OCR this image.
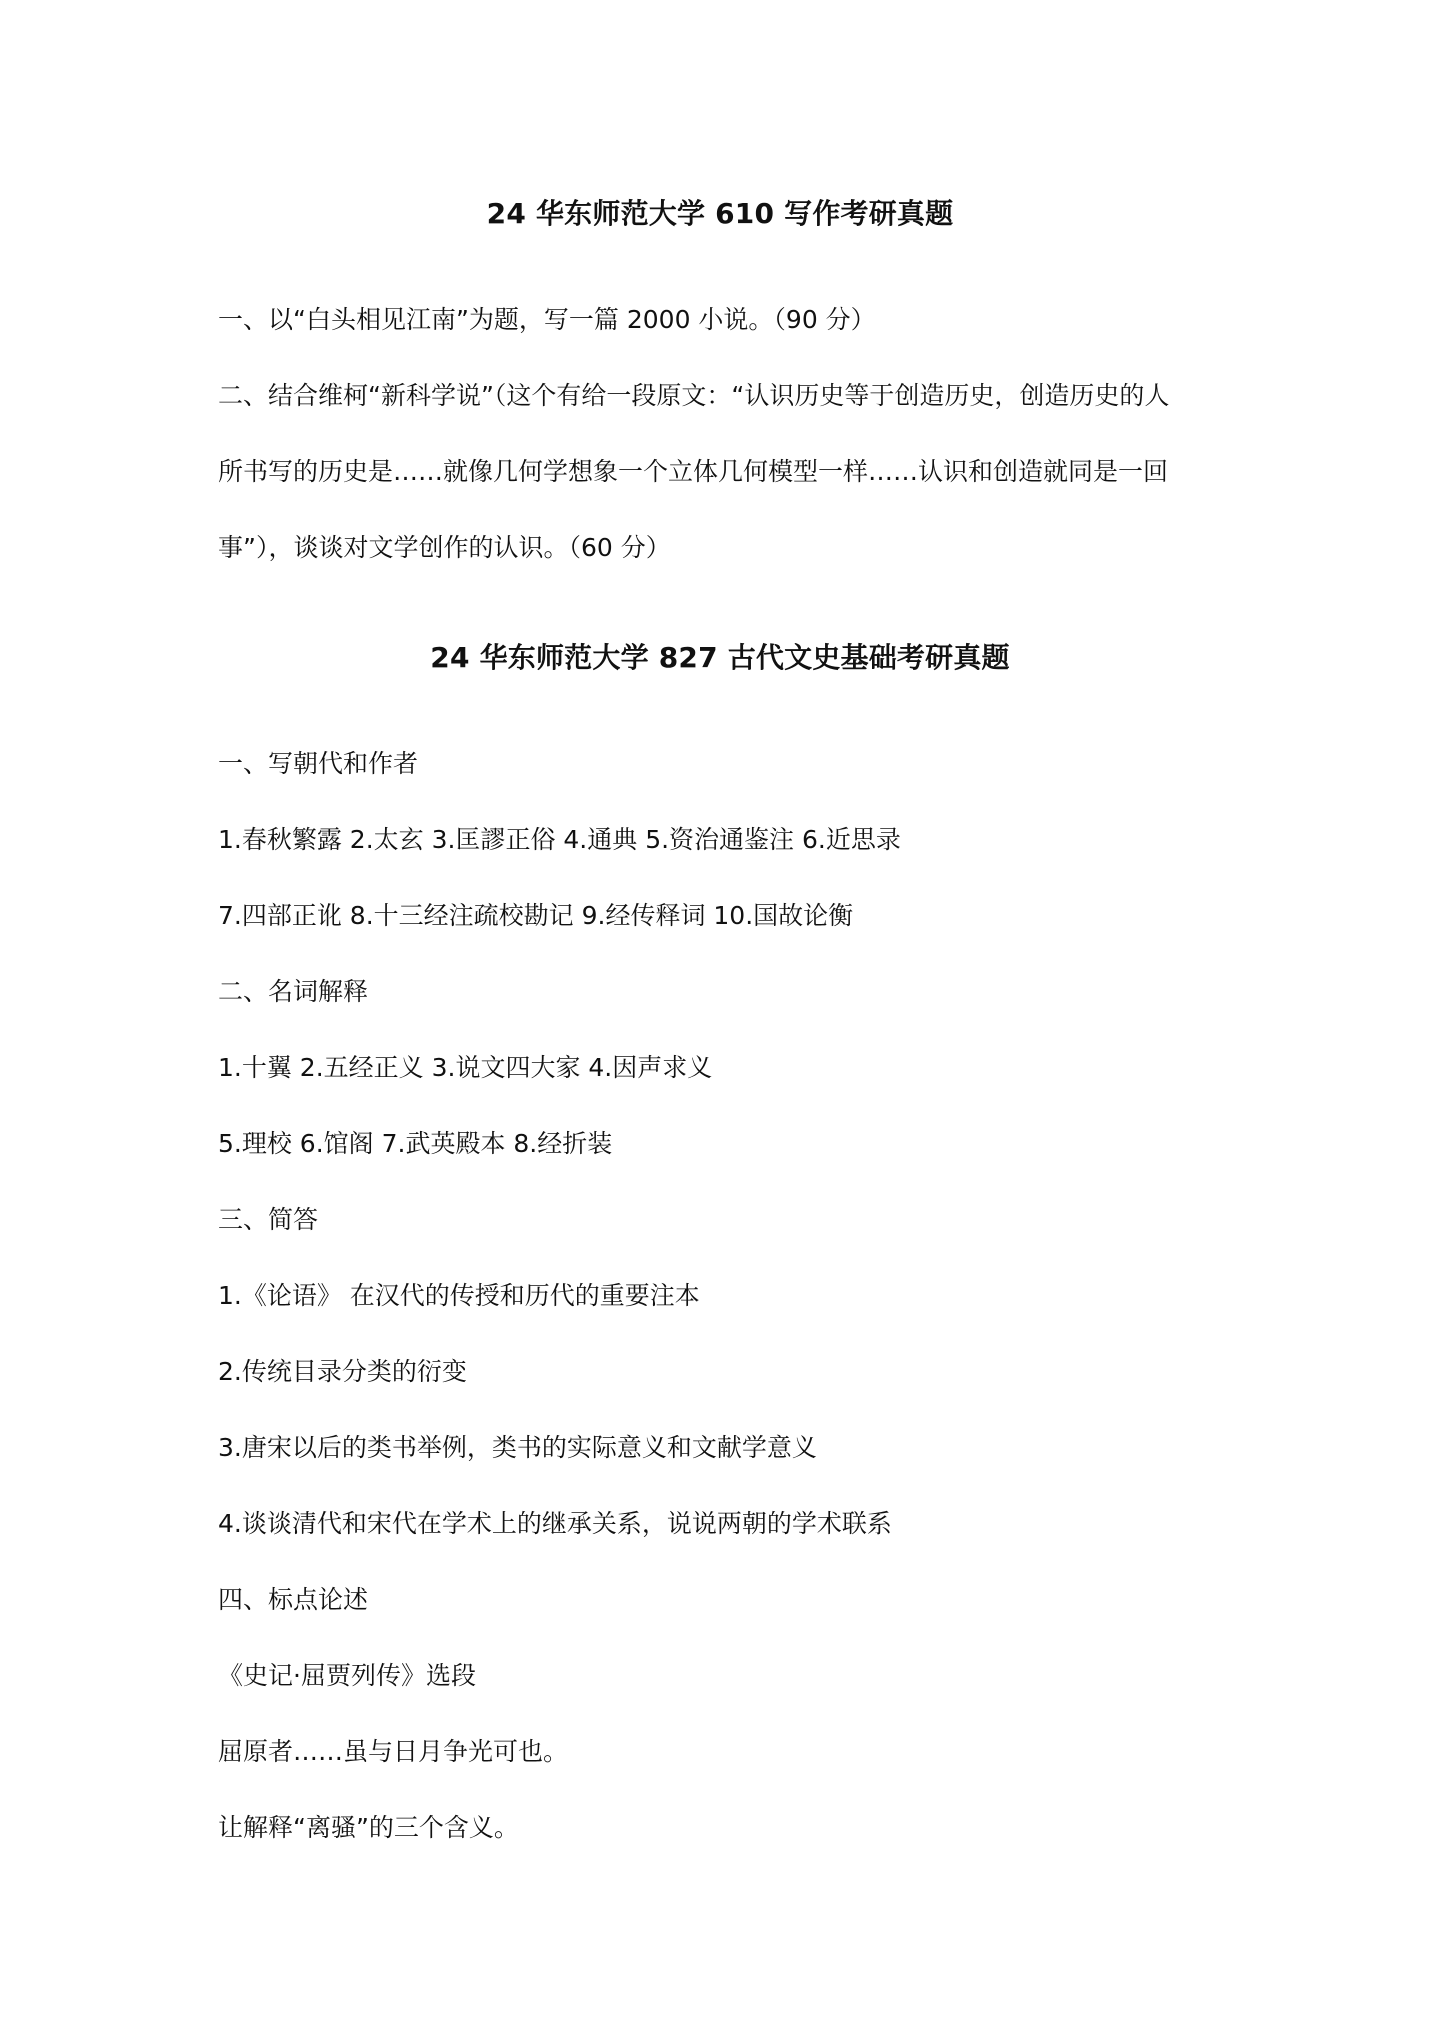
24 华东师范大学 610 写作考研真题
一、以“白头相见江南”为题，写一篇 2000 小说。（90 分）
二、结合维柯“新科学说”（这个有给一段原文：“认识历史等于创造历史，创造历史的人
所书写的历史是……就像几何学想象一个立体几何模型一样……认识和创造就同是一回
事”），谈谈对文学创作的认识。（60 分）
24 华东师范大学 827 古代文史基础考研真题
一、写朝代和作者
1.春秋繁露 2.太玄 3.匡謬正俗 4.通典 5.资治通鉴注 6.近思录
7.四部正讹 8.十三经注疏校勘记 9.经传释词 10.国故论衡
二、名词解释
1.十翼 2.五经正义 3.说文四大家 4.因声求义
5.理校 6.馆阁 7.武英殿本 8.经折装
三、简答
1.《论语》 在汉代的传授和历代的重要注本
2.传统目录分类的衍变
3.唐宋以后的类书举例，类书的实际意义和文献学意义
4.谈谈清代和宋代在学术上的继承关系，说说两朝的学术联系
四、标点论述
《史记·屈贾列传》选段
屈原者……虽与日月争光可也。
让解释“离骚”的三个含义。
